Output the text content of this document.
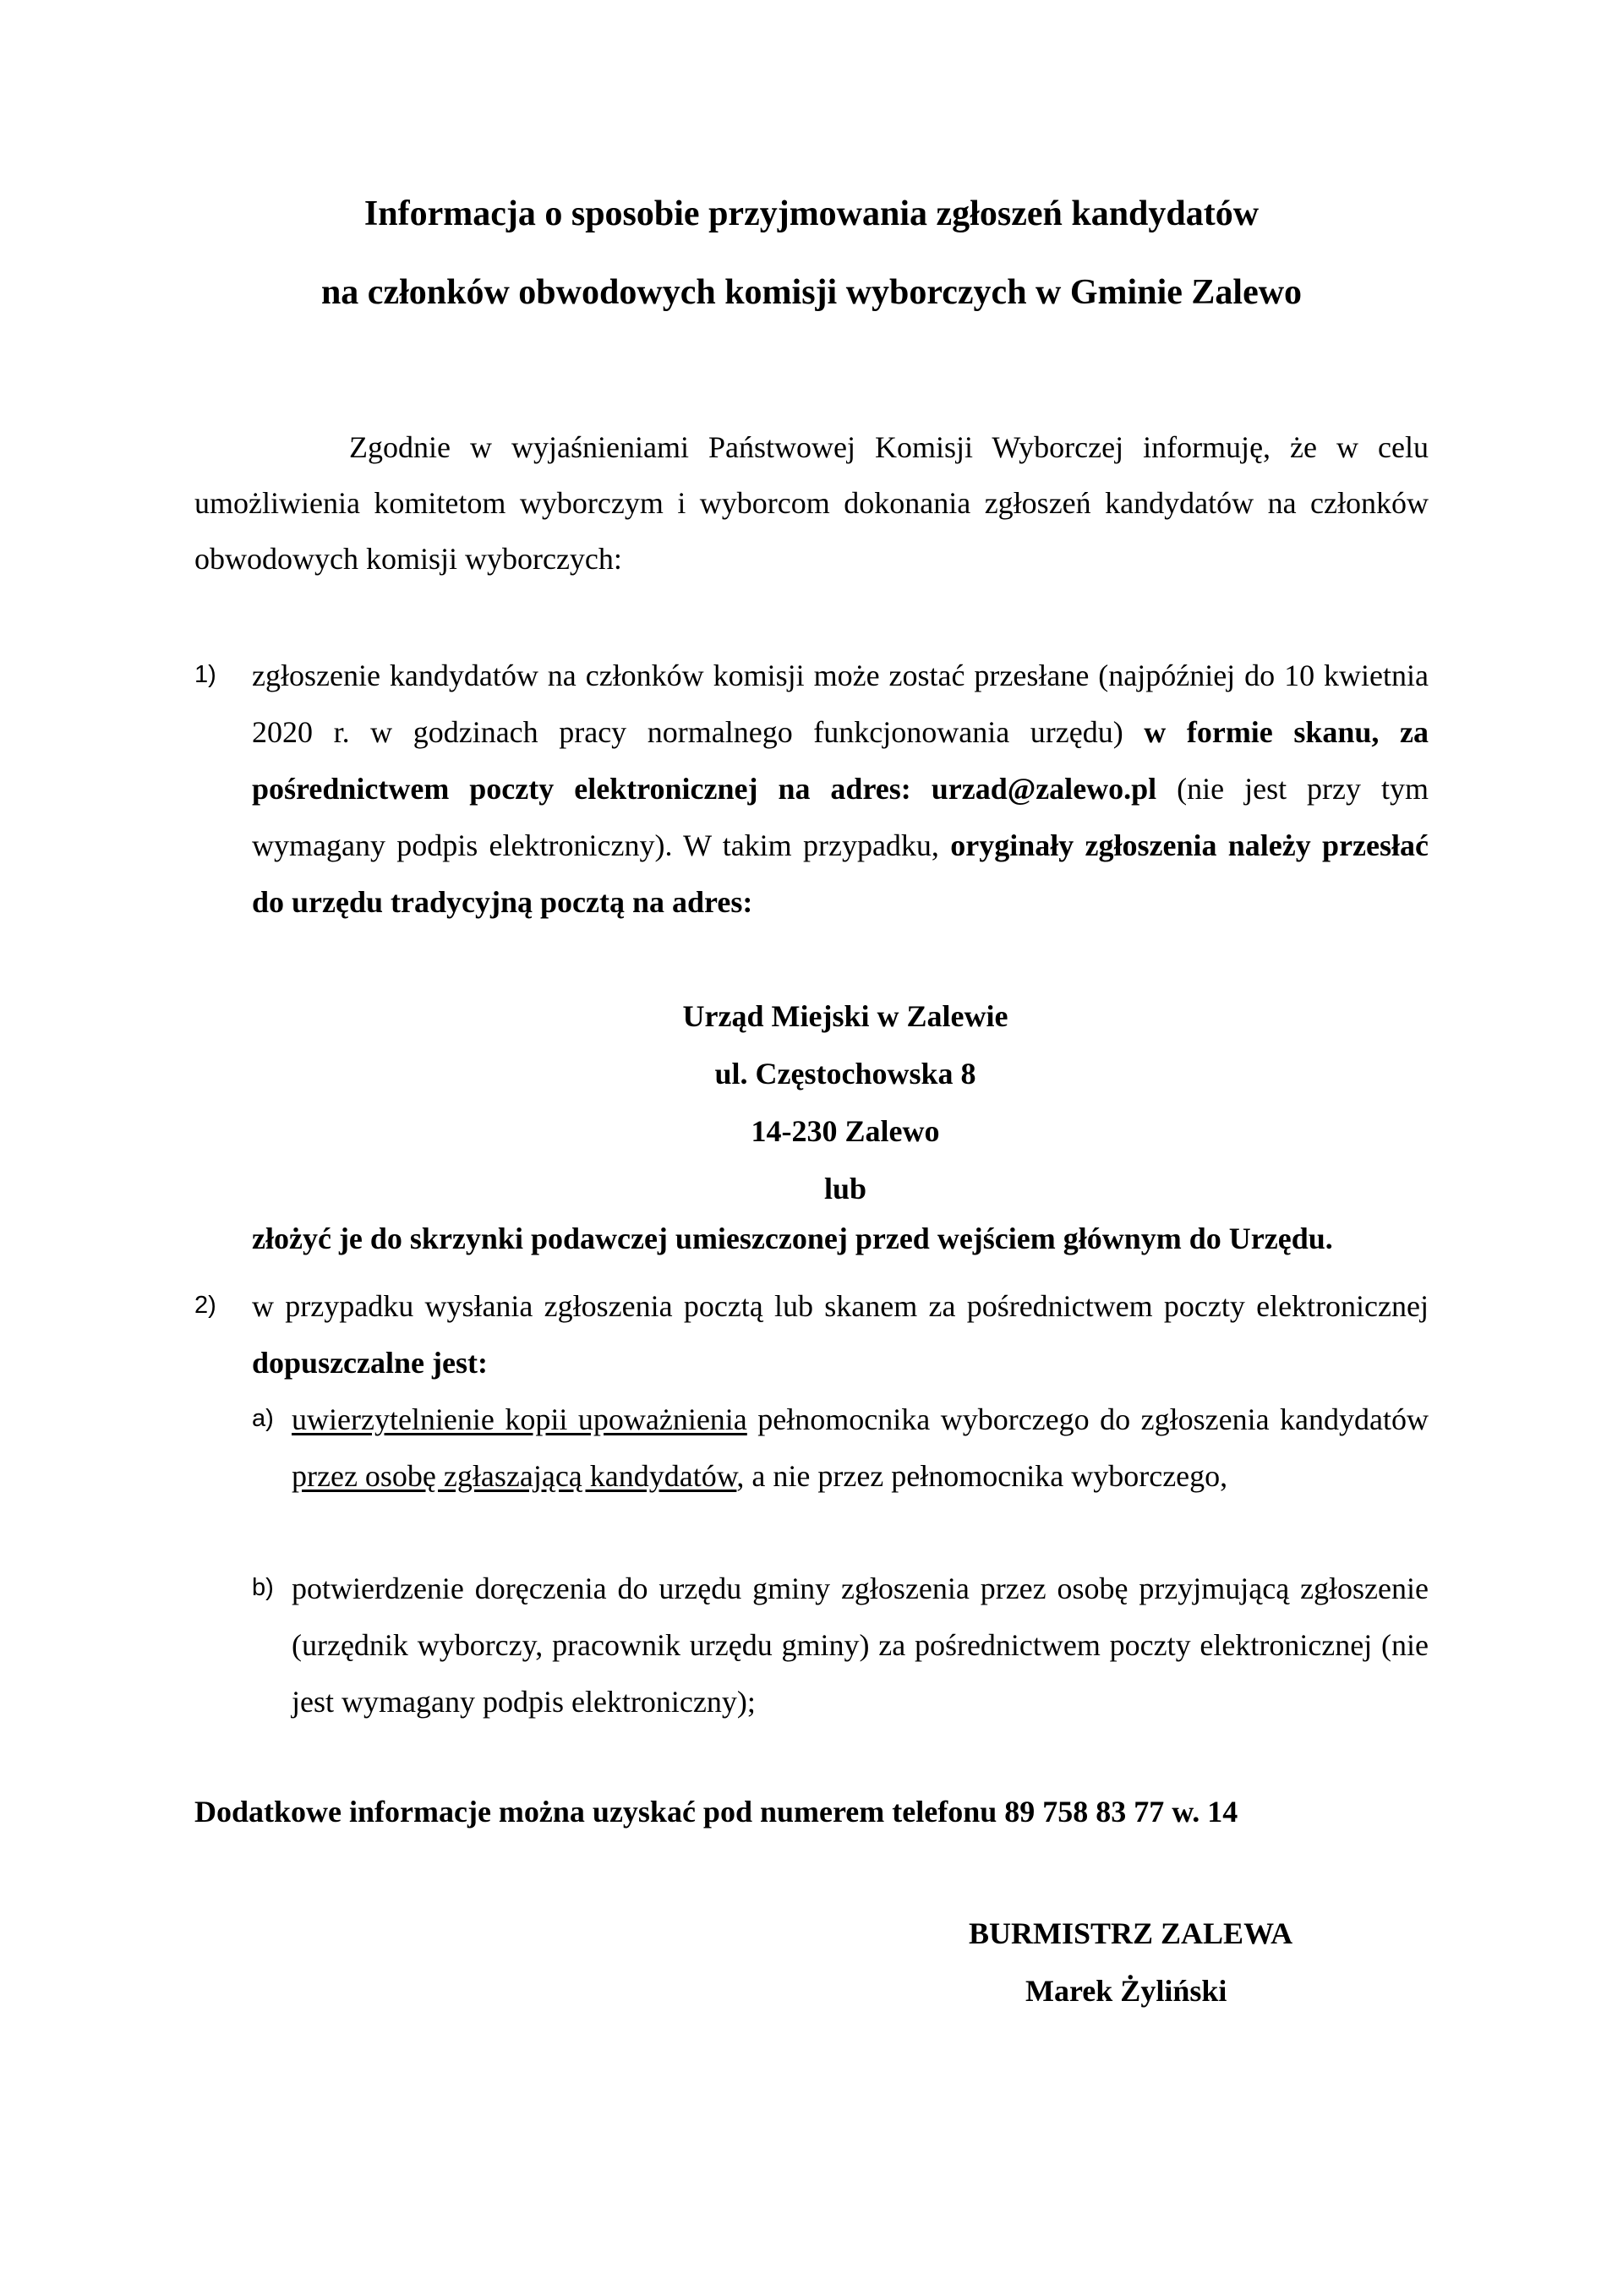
Informacja o sposobie przyjmowania zgłoszeń kandydatów
na członków obwodowych komisji wyborczych w Gminie Zalewo

Zgodnie w wyjaśnieniami Państwowej Komisji Wyborczej informuję, że w celu umożliwienia komitetom wyborczym i wyborcom dokonania zgłoszeń kandydatów na członków obwodowych komisji wyborczych:

1) zgłoszenie kandydatów na członków komisji może zostać przesłane (najpóźniej do 10 kwietnia 2020 r. w godzinach pracy normalnego funkcjonowania urzędu) w formie skanu, za pośrednictwem poczty elektronicznej na adres: urzad@zalewo.pl (nie jest przy tym wymagany podpis elektroniczny). W takim przypadku, oryginały zgłoszenia należy przesłać do urzędu tradycyjną pocztą na adres:

Urząd Miejski w Zalewie
ul. Częstochowska 8
14-230 Zalewo
lub
złożyć je do skrzynki podawczej umieszczonej przed wejściem głównym do Urzędu.
2) w przypadku wysłania zgłoszenia pocztą lub skanem za pośrednictwem poczty elektronicznej dopuszczalne jest:

a) uwierzytelnienie kopii upoważnienia pełnomocnika wyborczego do zgłoszenia kandydatów przez osobę zgłaszającą kandydatów, a nie przez pełnomocnika wyborczego,

b) potwierdzenie doręczenia do urzędu gminy zgłoszenia przez osobę przyjmującą zgłoszenie (urzędnik wyborczy, pracownik urzędu gminy) za pośrednictwem poczty elektronicznej (nie jest wymagany podpis elektroniczny);

Dodatkowe informacje można uzyskać pod numerem telefonu 89 758 83 77 w. 14
BURMISTRZ ZALEWA
Marek Żyliński
